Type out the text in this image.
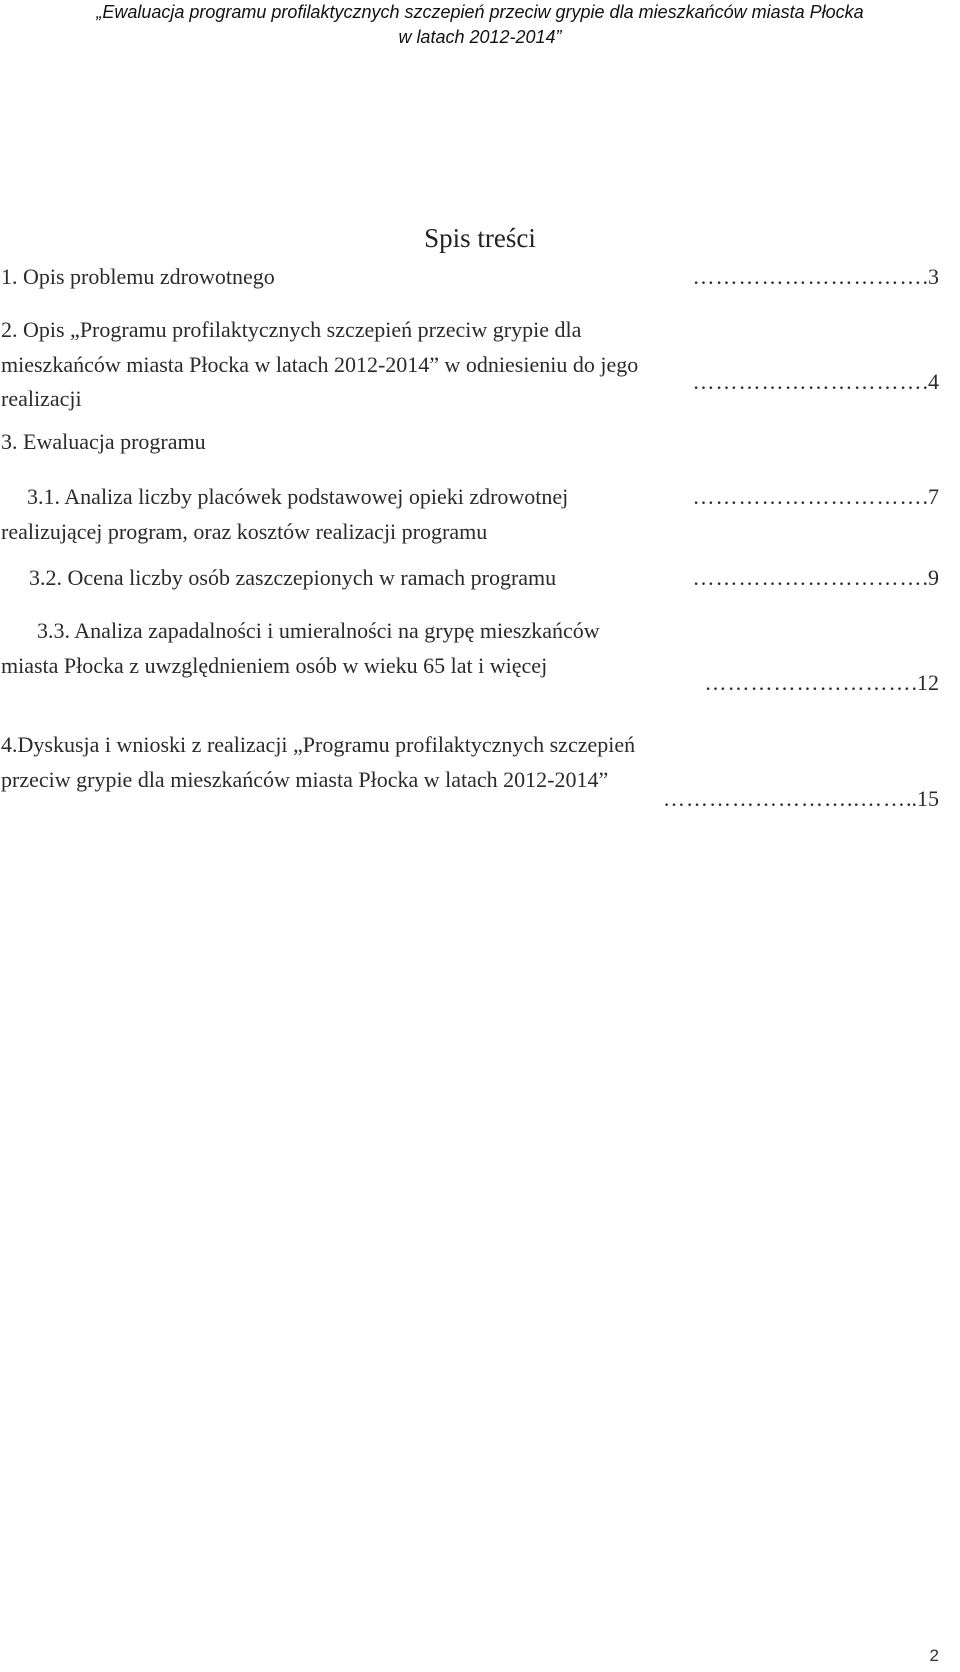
„Ewaluacja programu profilaktycznych szczepień przeciw grypie dla mieszkańców miasta Płocka
w latach 2012-2014”
Spis treści
1. Opis problemu zdrowotnego	………………………….3
2. Opis „Programu profilaktycznych szczepień przeciw grypie dla mieszkańców miasta Płocka w latach 2012-2014” w odniesieniu do jego realizacji
………………………….4
3. Ewaluacja programu
3.1. Analiza liczby placówek podstawowej opieki zdrowotnej realizującej program, oraz kosztów realizacji programu
………………………….7
3.2. Ocena liczby osób zaszczepionych w ramach programu	………………………….9
3.3. Analiza zapadalności i umieralności na grypę mieszkańców miasta Płocka z uwzględnieniem osób w wieku 65 lat i więcej
……………………….12
4.Dyskusja i wnioski z realizacji „Programu profilaktycznych szczepień przeciw grypie dla mieszkańców miasta Płocka w latach 2012-2014”
……………………..……..15
2
